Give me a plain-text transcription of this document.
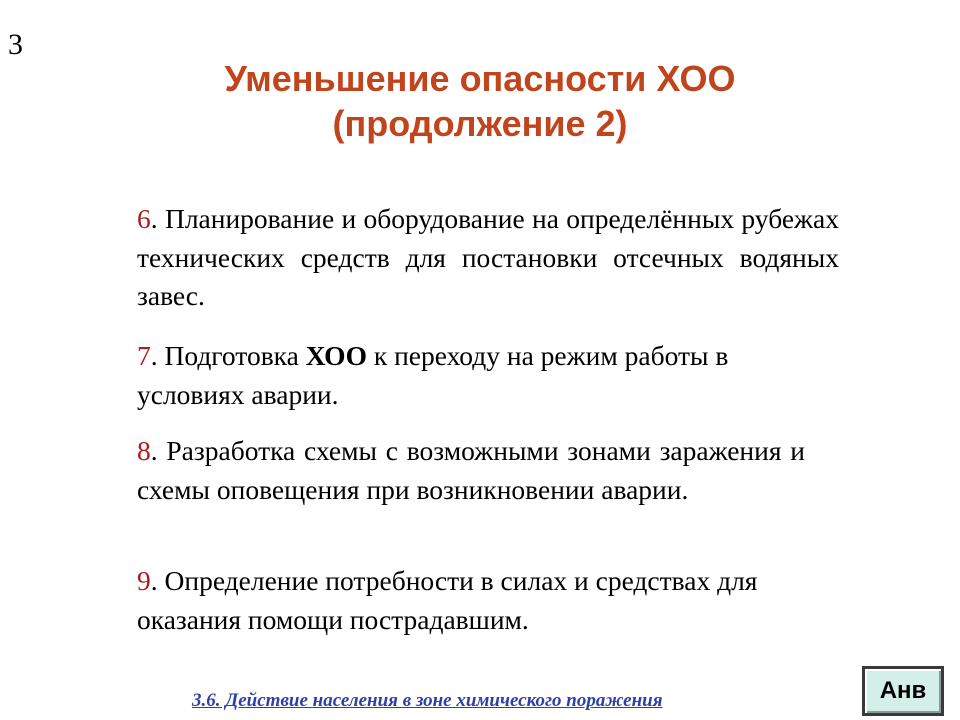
3
Уменьшение опасности ХОО
(продолжение 2)
6. Планирование и оборудование на определённых рубежах технических средств для постановки отсечных водяных завес.
7. Подготовка ХОО к переходу на режим работы в условиях аварии.
8. Разработка схемы с возможными зонами заражения и схемы оповещения при возникновении аварии.
9. Определение потребности в силах и средствах для оказания помощи пострадавшим.
3.6. Действие населения в зоне химического поражения	Анв
